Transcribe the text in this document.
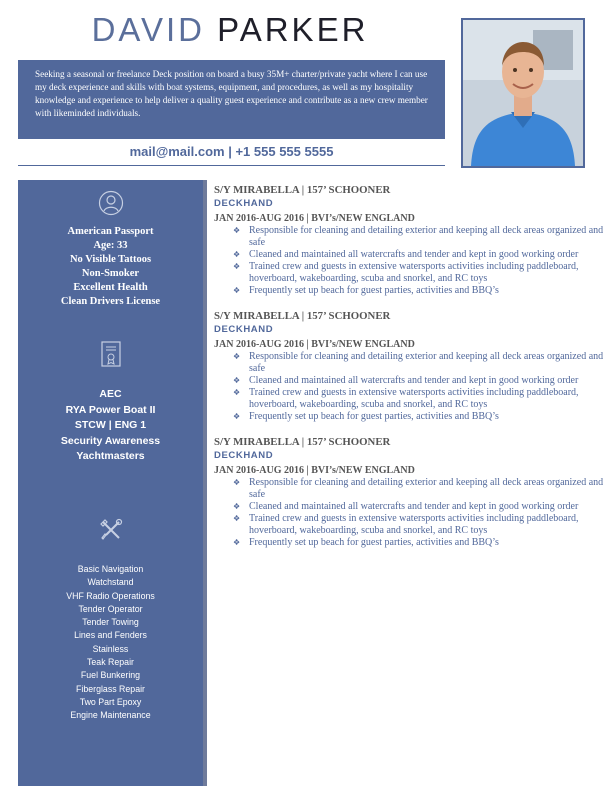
DAVID PARKER
Seeking a seasonal or freelance Deck position on board a busy 35M+ charter/private yacht where I can use my deck experience and skills with boat systems, equipment, and procedures, as well as my hospitality knowledge and experience to help deliver a quality guest experience and contribute as a new crew member with likeminded individuals.
mail@mail.com | +1 555 555 5555
American Passport
Age: 33
No Visible Tattoos
Non-Smoker
Excellent Health
Clean Drivers License
AEC
RYA Power Boat II
STCW | ENG 1
Security Awareness
Yachtmasters
Basic Navigation
Watchstand
VHF Radio Operations
Tender Operator
Tender Towing
Lines and Fenders
Stainless
Teak Repair
Fuel Bunkering
Fiberglass Repair
Two Part Epoxy
Engine Maintenance
S/Y MIRABELLA | 157’ SCHOONER
DECKHAND
JAN 2016-AUG 2016 | BVI’s/NEW ENGLAND
❖ Responsible for cleaning and detailing exterior and keeping all deck areas organized and safe
❖ Cleaned and maintained all watercrafts and tender and kept in good working order
❖ Trained crew and guests in extensive watersports activities including paddleboard, hoverboard, wakeboarding, scuba and snorkel, and RC toys
❖ Frequently set up beach for guest parties, activities and BBQ’s
S/Y MIRABELLA | 157’ SCHOONER
DECKHAND
JAN 2016-AUG 2016 | BVI’s/NEW ENGLAND
❖ Responsible for cleaning and detailing exterior and keeping all deck areas organized and safe
❖ Cleaned and maintained all watercrafts and tender and kept in good working order
❖ Trained crew and guests in extensive watersports activities including paddleboard, hoverboard, wakeboarding, scuba and snorkel, and RC toys
❖ Frequently set up beach for guest parties, activities and BBQ’s
S/Y MIRABELLA | 157’ SCHOONER
DECKHAND
JAN 2016-AUG 2016 | BVI’s/NEW ENGLAND
❖ Responsible for cleaning and detailing exterior and keeping all deck areas organized and safe
❖ Cleaned and maintained all watercrafts and tender and kept in good working order
❖ Trained crew and guests in extensive watersports activities including paddleboard, hoverboard, wakeboarding, scuba and snorkel, and RC toys
❖ Frequently set up beach for guest parties, activities and BBQ’s
